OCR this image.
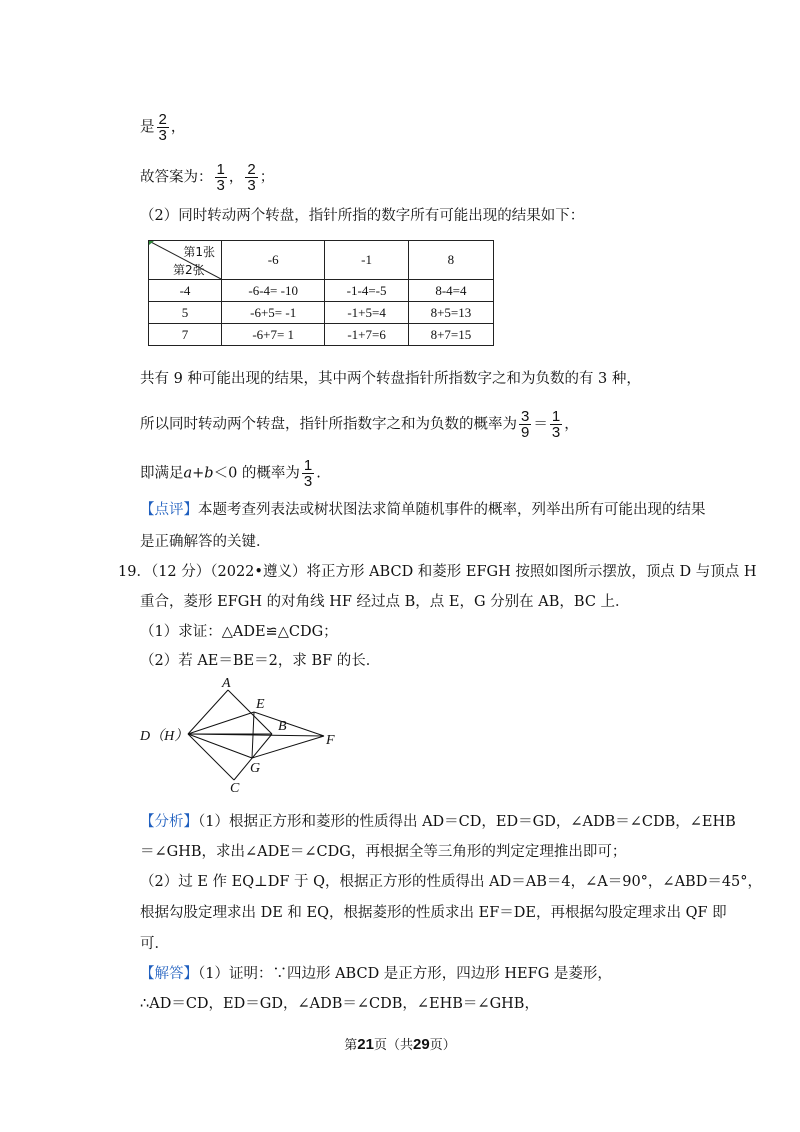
是 $\frac{2}{3}$ ，
故答案为： $\frac{1}{3}$ ， $\frac{2}{3}$ ；
（2）同时转动两个转盘，指针所指的数字所有可能出现的结果如下：
第1张
第2张	-6	-1	8
-4	-6-4= -10	-1-4=-5	8-4=4
5	-6+5= -1	-1+5=4	8+5=13
7	-6+7= 1	-1+7=6	8+7=15
共有 9 种可能出现的结果，其中两个转盘指针所指数字之和为负数的有 3 种，
所以同时转动两个转盘，指针所指数字之和为负数的概率为 $\frac{3}{9} = \frac{1}{3}$ ，
即满足a+b＜0 的概率为 $\frac{1}{3}$ .
【点评】本题考查列表法或树状图法求简单随机事件的概率，列举出所有可能出现的结果
是正确解答的关键．
19．（12 分）（2022•遵义）将正方形 ABCD 和菱形 EFGH 按照如图所示摆放，顶点 D 与顶点 H
重合，菱形 EFGH 的对角线 HF 经过点 B，点 E，G 分别在 AB，BC 上．
（1）求证：△ADE≌△CDG；
（2）若 AE＝BE＝2，求 BF 的长．
A
E
B
D（H）	F
G
C
【分析】（1）根据正方形和菱形的性质得出 AD＝CD，ED＝GD，∠ADB＝∠CDB，∠EHB
＝∠GHB，求出∠ADE＝∠CDG，再根据全等三角形的判定定理推出即可；
（2）过 E 作 EQ⊥DF 于 Q，根据正方形的性质得出 AD＝AB＝4，∠A＝90°，∠ABD＝45°，
根据勾股定理求出 DE 和 EQ，根据菱形的性质求出 EF＝DE，再根据勾股定理求出 QF 即
可．
【解答】（1）证明：∵四边形 ABCD 是正方形，四边形 HEFG 是菱形，
∴AD＝CD，ED＝GD，∠ADB＝∠CDB，∠EHB＝∠GHB，
第21页（共29页）
